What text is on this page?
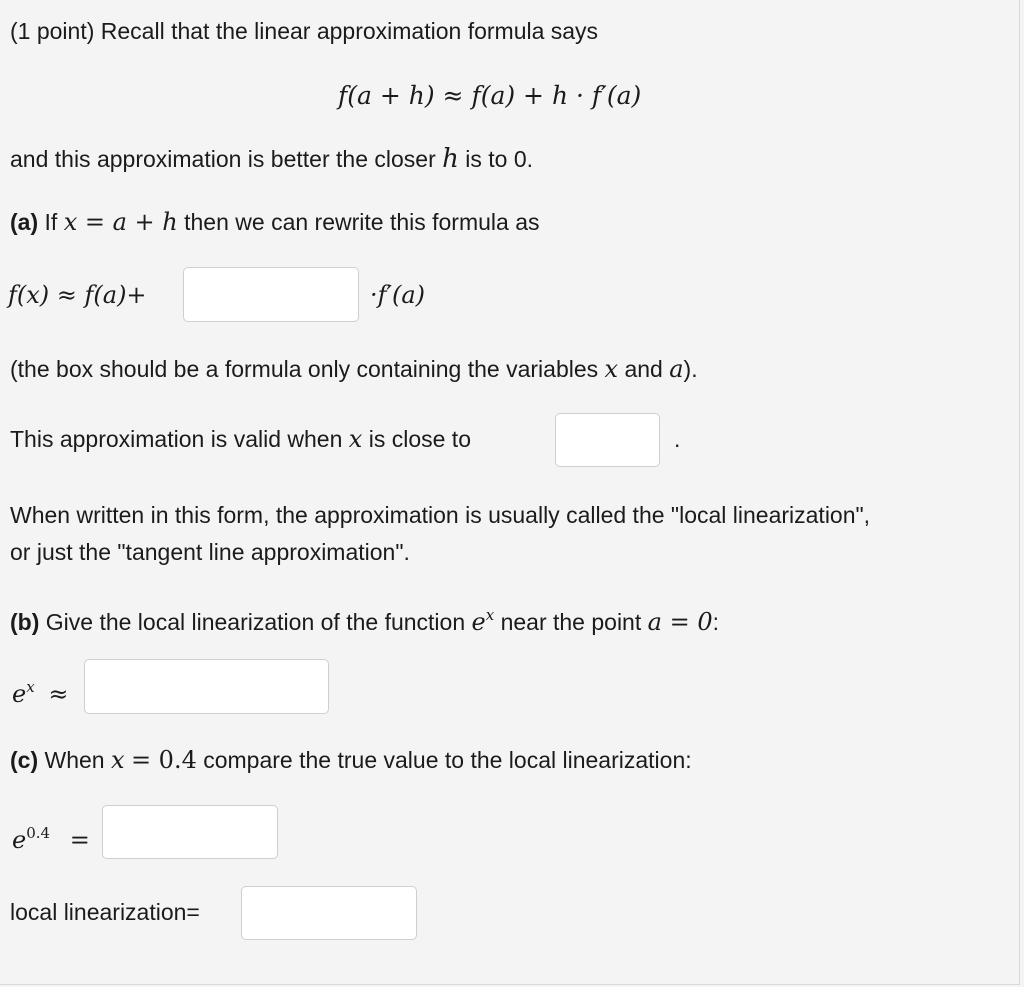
(1 point) Recall that the linear approximation formula says
f(a + h) ≈ f(a) + h · f′(a)
and this approximation is better the closer h is to 0.
(a) If x = a + h then we can rewrite this formula as
f(x) ≈ f(a)+	·f′(a)
(the box should be a formula only containing the variables x and a).
This approximation is valid when x is close to	.
When written in this form, the approximation is usually called the "local linearization",
or just the "tangent line approximation".
(b) Give the local linearization of the function $e^x$ near the point a = 0:
$e^x$ ≈
(c) When x = 0.4 compare the true value to the local linearization:
$e^{0.4}$ =
local linearization=
